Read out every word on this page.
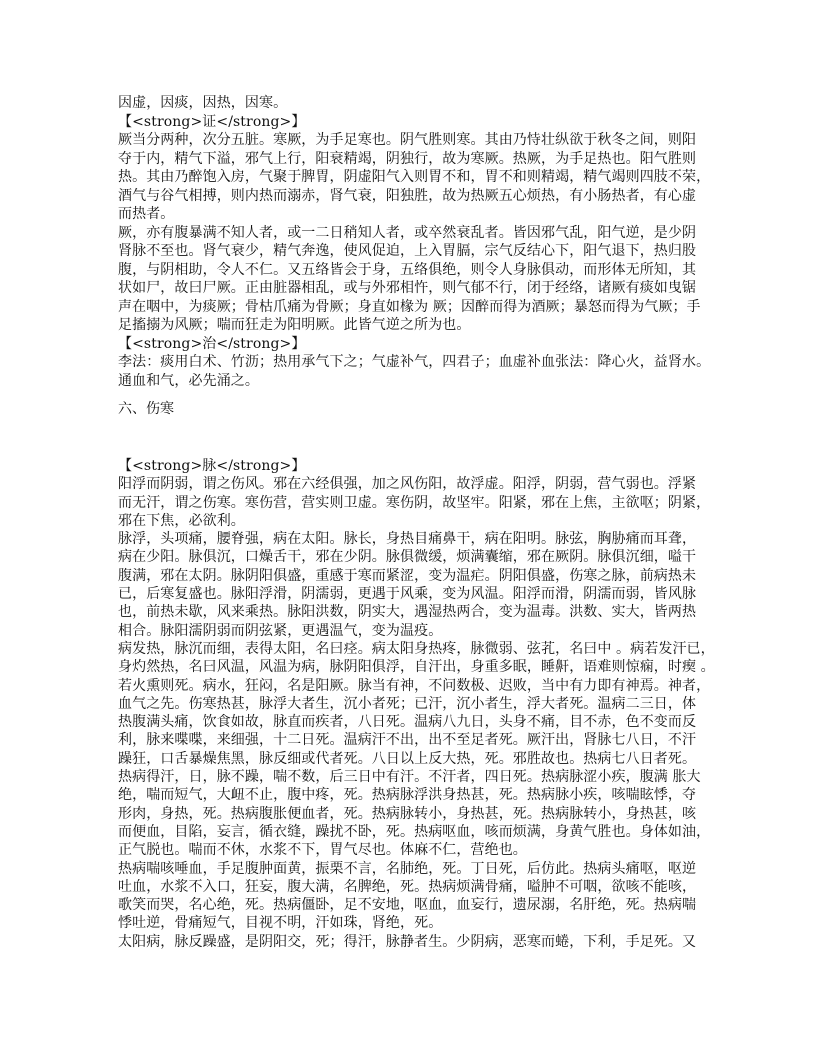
因虚，因痰，因热，因寒。
【<strong>证</strong>】
厥当分两种，次分五脏。寒厥，为手足寒也。阴气胜则寒。其由乃恃壮纵欲于秋冬之间，则阳
夺于内，精气下溢，邪气上行，阳衰精竭，阴独行，故为寒厥。热厥，为手足热也。阳气胜则
热。其由乃醉饱入房，气聚于脾胃，阴虚阳气入则胃不和，胃不和则精竭，精气竭则四肢不荣，
酒气与谷气相搏，则内热而溺赤，肾气衰，阳独胜，故为热厥五心烦热，有小肠热者，有心虚
而热者。
厥，亦有腹暴满不知人者，或一二日稍知人者，或卒然衰乱者。皆因邪气乱，阳气逆，是少阴
肾脉不至也。肾气衰少，精气奔逸，使风促迫，上入胃膈，宗气反结心下，阳气退下，热归股
腹，与阴相助，令人不仁。又五络皆会于身，五络俱绝，则令人身脉俱动，而形体无所知，其
状如尸，故曰尸厥。正由脏器相乱，或与外邪相忤，则气郁不行，闭于经络，诸厥有痰如曳锯
声在咽中，为痰厥；骨枯爪痛为骨厥；身直如椽为 厥；因醉而得为酒厥；暴怒而得为气厥；手
足搐搦为风厥；喘而狂走为阳明厥。此皆气逆之所为也。
【<strong>治</strong>】
李法：痰用白术、竹沥；热用承气下之；气虚补气，四君子；血虚补血张法：降心火，益肾水。
通血和气，必先涌之。
六、伤寒
【<strong>脉</strong>】
阳浮而阴弱，谓之伤风。邪在六经俱强，加之风伤阳，故浮虚。阳浮，阴弱，营气弱也。浮紧
而无汗，谓之伤寒。寒伤营，营实则卫虚。寒伤阴，故坚牢。阳紧，邪在上焦，主欲呕；阴紧，
邪在下焦，必欲利。
脉浮，头项痛，腰脊强，病在太阳。脉长，身热目痛鼻干，病在阳明。脉弦，胸胁痛而耳聋，
病在少阳。脉俱沉，口燥舌干，邪在少阴。脉俱微缓，烦满囊缩，邪在厥阴。脉俱沉细，嗌干
腹满，邪在太阴。脉阴阳俱盛，重感于寒而紧涩，变为温疟。阴阳俱盛，伤寒之脉，前病热未
已，后寒复盛也。脉阳浮滑，阴濡弱，更遇于风乘，变为风温。阳浮而滑，阴濡而弱，皆风脉
也，前热未歇，风来乘热。脉阳洪数，阴实大，遇湿热两合，变为温毒。洪数、实大，皆两热
相合。脉阳濡阴弱而阴弦紧，更遇温气，变为温疫。
病发热，脉沉而细，表得太阳，名曰痉。病太阳身热疼，脉微弱、弦芤，名曰中 。病若发汗已，
身灼然热，名曰风温，风温为病，脉阴阳俱浮，自汗出，身重多眠，睡鼾，语难则惊痫，时瘈 。
若火熏则死。病水，狂闷，名是阳厥。脉当有神，不问数极、迟败，当中有力即有神焉。神者，
血气之先。伤寒热甚，脉浮大者生，沉小者死；已汗，沉小者生，浮大者死。温病二三日，体
热腹满头痛，饮食如故，脉直而疾者，八日死。温病八九日，头身不痛，目不赤，色不变而反
利，脉来喋喋，来细强，十二日死。温病汗不出，出不至足者死。厥汗出，肾脉七八日，不汗
躁狂，口舌暴燥焦黑，脉反细或代者死。八日以上反大热，死。邪胜故也。热病七八日者死。
热病得汗，日，脉不躁，喘不数，后三日中有汗。不汗者，四日死。热病脉涩小疾，腹满 胀大
绝，喘而短气，大衄不止，腹中疼，死。热病脉浮洪身热甚，死。热病脉小疾，咳喘眩悸，夺
形肉，身热，死。热病腹胀便血者，死。热病脉转小，身热甚，死。热病脉转小，身热甚，咳
而便血，目陷，妄言，循衣缝，躁扰不卧，死。热病呕血，咳而烦满，身黄气胜也。身体如油，
正气脱也。喘而不休，水浆不下，胃气尽也。体麻不仁，营绝也。
热病喘咳唾血，手足腹肿面黄，振栗不言，名肺绝，死。丁日死，后仿此。热病头痛呕，呕逆
吐血，水浆不入口，狂妄，腹大满，名脾绝，死。热病烦满骨痛，嗌肿不可咽，欲咳不能咳，
歌笑而哭，名心绝，死。热病僵卧，足不安地，呕血，血妄行，遗尿溺，名肝绝，死。热病喘
悸吐逆，骨痛短气，目视不明，汗如珠，肾绝，死。
太阳病，脉反躁盛，是阴阳交，死；得汗，脉静者生。少阴病，恶寒而蜷，下利，手足死。又
